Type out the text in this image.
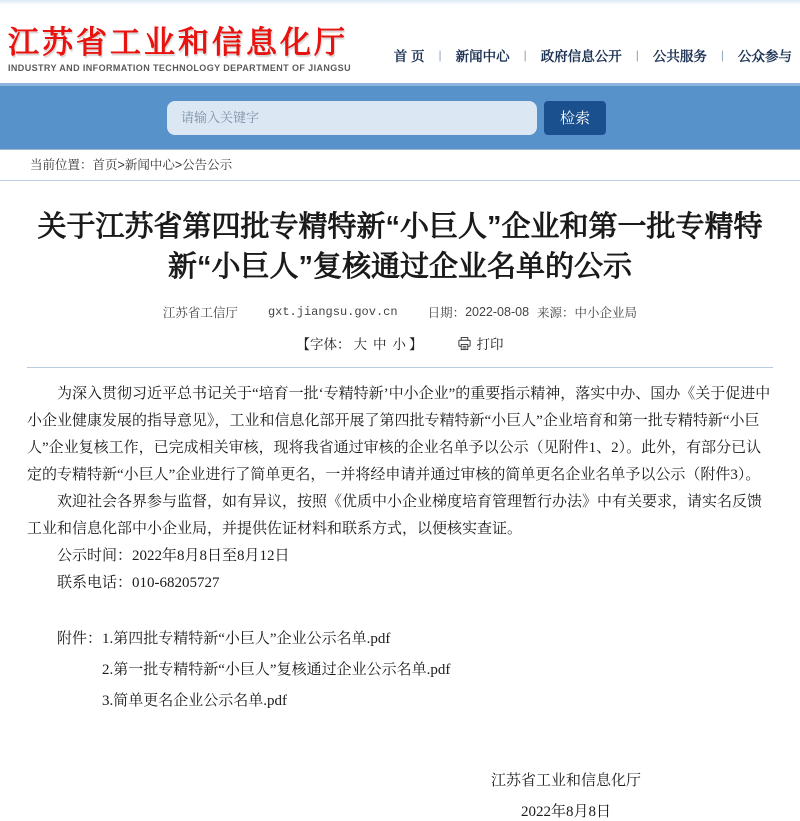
江苏省工业和信息化厅
INDUSTRY AND INFORMATION TECHNOLOGY DEPARTMENT OF JIANGSU
首 页 | 新闻中心 | 政府信息公开 | 公共服务 | 公众参与
请输入关键字
检索
当前位置：首页>新闻中心>公告公示
关于江苏省第四批专精特新“小巨人”企业和第一批专精特新“小巨人”复核通过企业名单的公示
江苏省工信厅	gxt.jiangsu.gov.cn 日期： 2022-08-08 来源： 中小企业局
【字体： 大 中 小 】	打印

为深入贯彻习近平总书记关于“培育一批‘专精特新’中小企业”的重要指示精神，落实中办、国办《关于促进中小企业健康发展的指导意见》，工业和信息化部开展了第四批专精特新“小巨人”企业培育和第一批专精特新“小巨人”企业复核工作，已完成相关审核，现将我省通过审核的企业名单予以公示（见附件1、2）。此外，有部分已认定的专精特新“小巨人”企业进行了简单更名，一并将经申请并通过审核的简单更名企业名单予以公示（附件3）。

欢迎社会各界参与监督，如有异议，按照《优质中小企业梯度培育管理暂行办法》中有关要求，请实名反馈工业和信息化部中小企业局，并提供佐证材料和联系方式，以便核实查证。

公示时间：2022年8月8日至8月12日

联系电话：010-68205727

附件： 1.第四批专精特新“小巨人”企业公示名单.pdf
2.第一批专精特新“小巨人”复核通过企业公示名单.pdf
3.简单更名企业公示名单.pdf
江苏省工业和信息化厅
2022年8月8日
